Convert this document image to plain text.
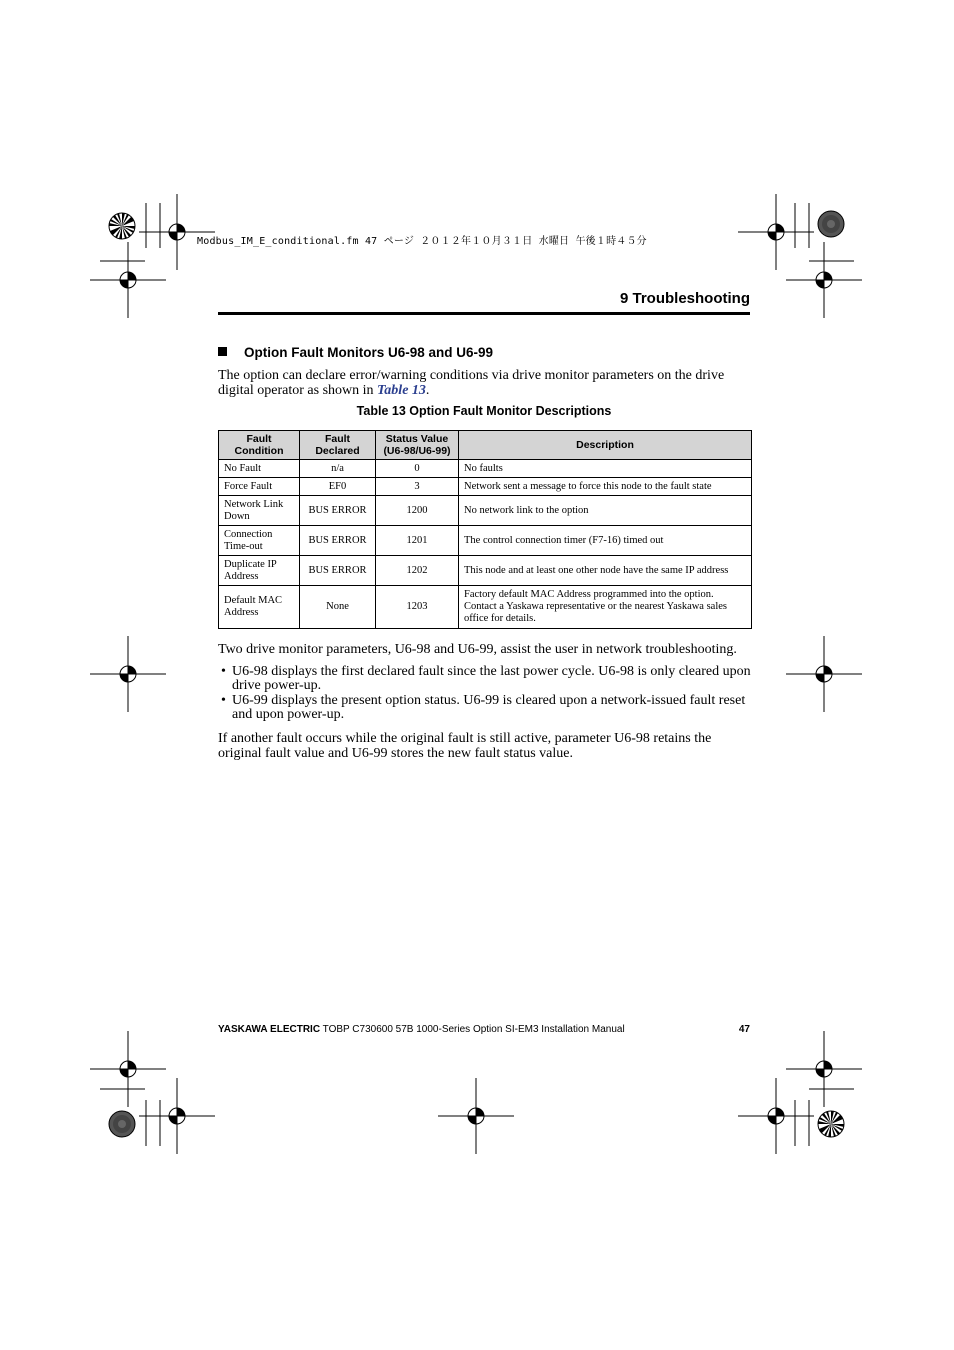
Modbus_IM_E_conditional.fm 47 ページ ２０１２年１０月３１日 水曜日 午後１時４５分
9 Troubleshooting
Option Fault Monitors U6-98 and U6-99
The option can declare error/warning conditions via drive monitor parameters on the drive digital operator as shown in Table 13.
Table 13 Option Fault Monitor Descriptions
Fault Condition	Fault Declared	Status Value (U6-98/U6-99)	Description
No Fault	n/a	0	No faults
Force Fault	EF0	3	Network sent a message to force this node to the fault state
Network Link Down	BUS ERROR	1200	No network link to the option
Connection Time-out	BUS ERROR	1201	The control connection timer (F7-16) timed out
Duplicate IP Address	BUS ERROR	1202	This node and at least one other node have the same IP address
Default MAC Address	None	1203	Factory default MAC Address programmed into the option. Contact a Yaskawa representative or the nearest Yaskawa sales office for details.
Two drive monitor parameters, U6-98 and U6-99, assist the user in network troubleshooting.
• U6-98 displays the first declared fault since the last power cycle. U6-98 is only cleared upon drive power-up.
• U6-99 displays the present option status. U6-99 is cleared upon a network-issued fault reset and upon power-up.
If another fault occurs while the original fault is still active, parameter U6-98 retains the original fault value and U6-99 stores the new fault status value.
YASKAWA ELECTRIC TOBP C730600 57B 1000-Series Option SI-EM3 Installation Manual	47
